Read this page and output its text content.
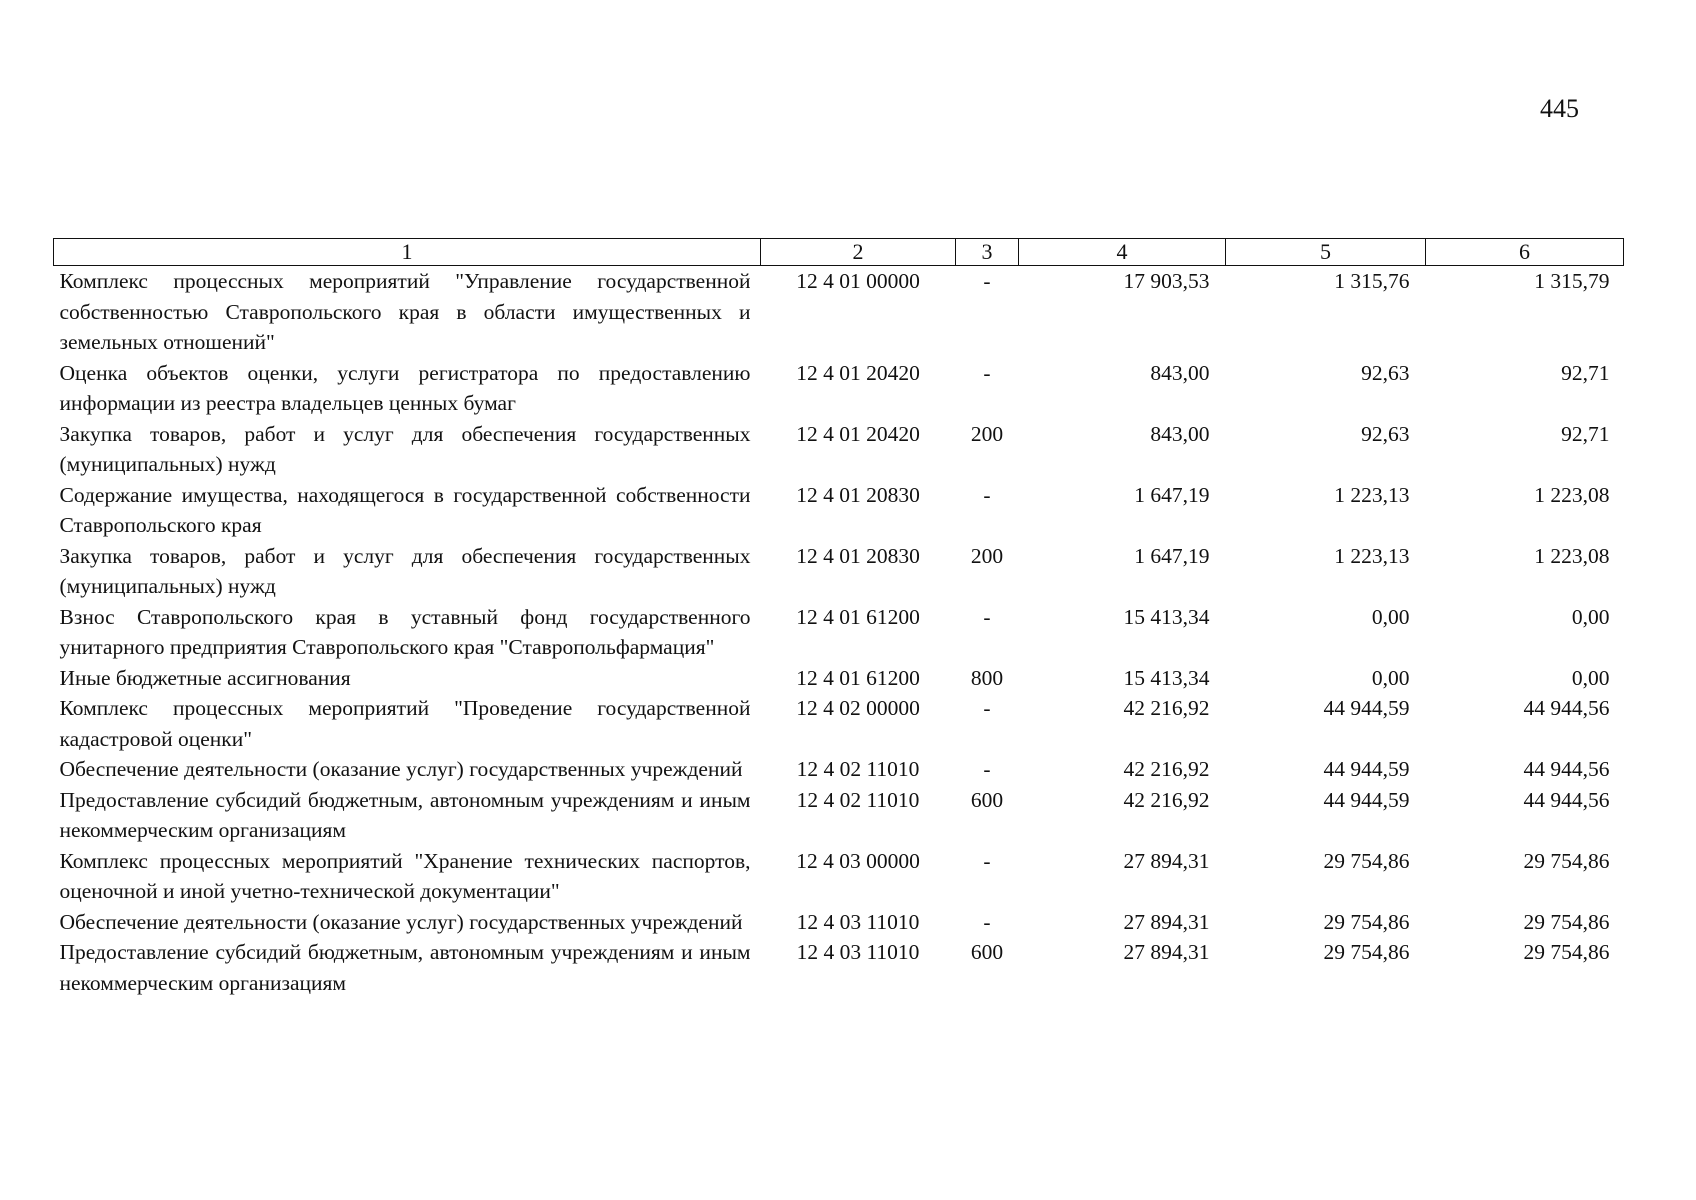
445
1	2	3	4	5	6
Комплекс процессных мероприятий "Управление государственной собственностью Ставропольского края в области имущественных и земельных отношений"	12 4 01 00000	-	17 903,53	1 315,76	1 315,79
Оценка объектов оценки, услуги регистратора по предоставлению информации из реестра владельцев ценных бумаг	12 4 01 20420	-	843,00	92,63	92,71
Закупка товаров, работ и услуг для обеспечения государственных (муниципальных) нужд	12 4 01 20420	200	843,00	92,63	92,71
Содержание имущества, находящегося в государственной собственности Ставропольского края	12 4 01 20830	-	1 647,19	1 223,13	1 223,08
Закупка товаров, работ и услуг для обеспечения государственных (муниципальных) нужд	12 4 01 20830	200	1 647,19	1 223,13	1 223,08
Взнос Ставропольского края в уставный фонд государственного унитарного предприятия Ставропольского края "Ставропольфармация"	12 4 01 61200	-	15 413,34	0,00	0,00
Иные бюджетные ассигнования	12 4 01 61200	800	15 413,34	0,00	0,00
Комплекс процессных мероприятий "Проведение государственной кадастровой оценки"	12 4 02 00000	-	42 216,92	44 944,59	44 944,56
Обеспечение деятельности (оказание услуг) государственных учреждений	12 4 02 11010	-	42 216,92	44 944,59	44 944,56
Предоставление субсидий бюджетным, автономным учреждениям и иным некоммерческим организациям	12 4 02 11010	600	42 216,92	44 944,59	44 944,56
Комплекс процессных мероприятий "Хранение технических паспортов, оценочной и иной учетно-технической документации"	12 4 03 00000	-	27 894,31	29 754,86	29 754,86
Обеспечение деятельности (оказание услуг) государственных учреждений	12 4 03 11010	-	27 894,31	29 754,86	29 754,86
Предоставление субсидий бюджетным, автономным учреждениям и иным некоммерческим организациям	12 4 03 11010	600	27 894,31	29 754,86	29 754,86
